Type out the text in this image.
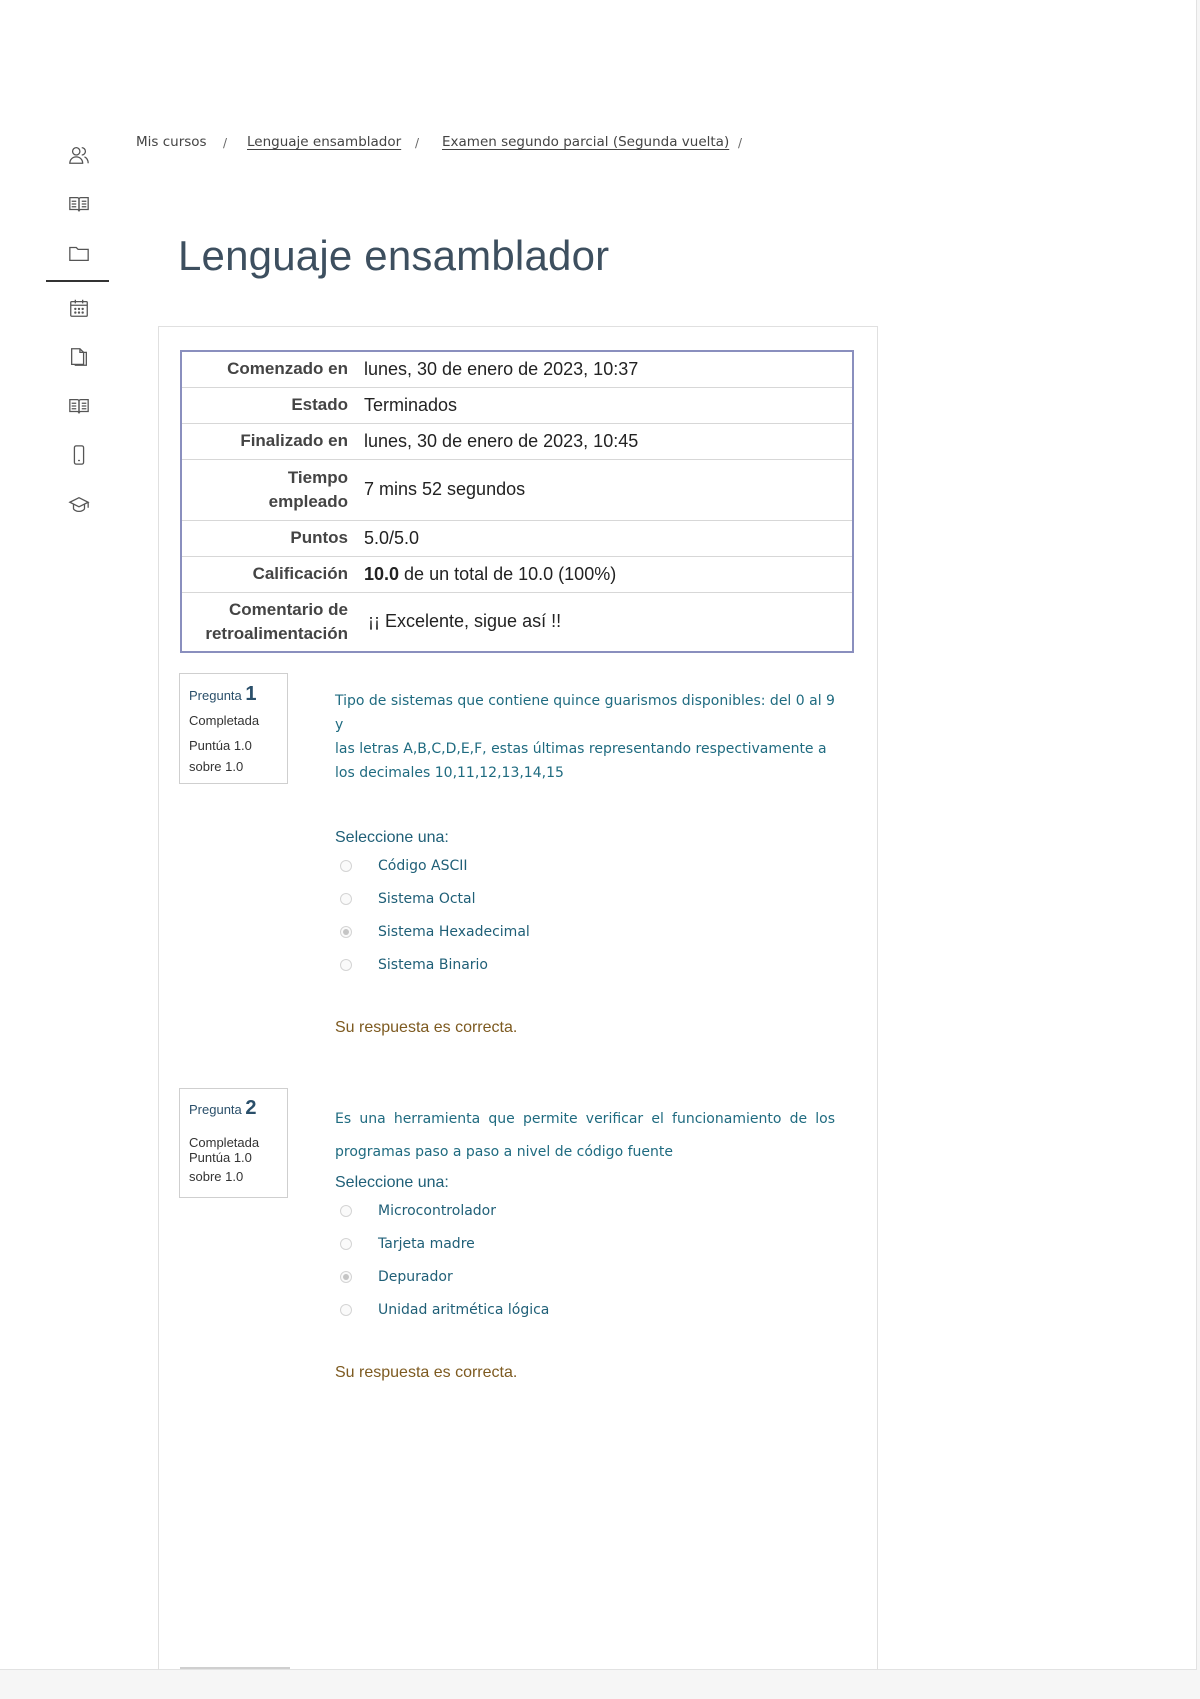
Mis cursos / Lenguaje ensamblador / Examen segundo parcial (Segunda vuelta) /
Lenguaje ensamblador
Comenzado en	lunes, 30 de enero de 2023, 10:37
Estado	Terminados
Finalizado en	lunes, 30 de enero de 2023, 10:45
Tiempo
empleado	7 mins 52 segundos
Puntos	5.0/5.0
Calificación	10.0 de un total de 10.0 (100%)
Comentario de
retroalimentación	¡¡ Excelente, sigue así !!
Pregunta 1
Completada
Puntúa 1.0
sobre 1.0
Tipo de sistemas que contiene quince guarismos disponibles: del 0 al 9 y
las letras A,B,C,D,E,F, estas últimas representando respectivamente a
los decimales 10,11,12,13,14,15
Seleccione una:
Código ASCII
Sistema Octal
Sistema Hexadecimal
Sistema Binario
Su respuesta es correcta.
Pregunta 2
Completada
Puntúa 1.0
sobre 1.0
Es una herramienta que permite verificar el funcionamiento de los
programas paso a paso a nivel de código fuente
Seleccione una:
Microcontrolador
Tarjeta madre
Depurador
Unidad aritmética lógica
Su respuesta es correcta.
